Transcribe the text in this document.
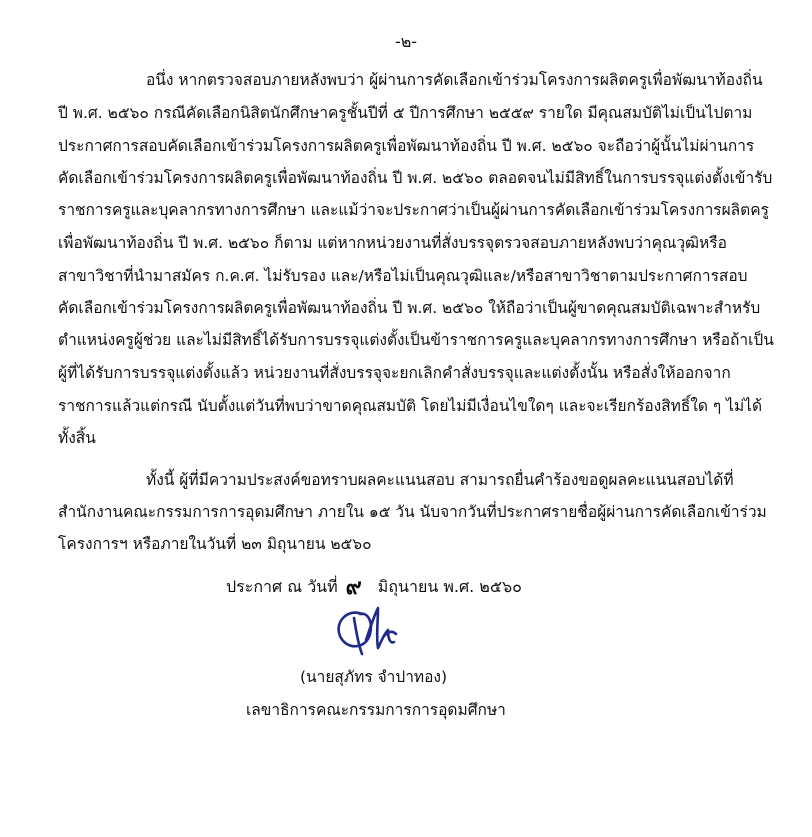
-๒-
อนึ่ง หากตรวจสอบภายหลังพบว่า ผู้ผ่านการคัดเลือกเข้าร่วมโครงการผลิตครูเพื่อพัฒนาท้องถิ่น
ปี พ.ศ. ๒๕๖๐ กรณีคัดเลือกนิสิตนักศึกษาครูชั้นปีที่ ๕ ปีการศึกษา ๒๕๕๙ รายใด มีคุณสมบัติไม่เป็นไปตาม
ประกาศการสอบคัดเลือกเข้าร่วมโครงการผลิตครูเพื่อพัฒนาท้องถิ่น ปี พ.ศ. ๒๕๖๐ จะถือว่าผู้นั้นไม่ผ่านการ
คัดเลือกเข้าร่วมโครงการผลิตครูเพื่อพัฒนาท้องถิ่น ปี พ.ศ. ๒๕๖๐ ตลอดจนไม่มีสิทธิ์ในการบรรจุแต่งตั้งเข้ารับ
ราชการครูและบุคลากรทางการศึกษา และแม้ว่าจะประกาศว่าเป็นผู้ผ่านการคัดเลือกเข้าร่วมโครงการผลิตครู
เพื่อพัฒนาท้องถิ่น ปี พ.ศ. ๒๕๖๐ ก็ตาม แต่หากหน่วยงานที่สั่งบรรจุตรวจสอบภายหลังพบว่าคุณวุฒิหรือ
สาขาวิชาที่นำมาสมัคร ก.ค.ศ. ไม่รับรอง และ/หรือไม่เป็นคุณวุฒิและ/หรือสาขาวิชาตามประกาศการสอบ
คัดเลือกเข้าร่วมโครงการผลิตครูเพื่อพัฒนาท้องถิ่น ปี พ.ศ. ๒๕๖๐ ให้ถือว่าเป็นผู้ขาดคุณสมบัติเฉพาะสำหรับ
ตำแหน่งครูผู้ช่วย และไม่มีสิทธิ์ได้รับการบรรจุแต่งตั้งเป็นข้าราชการครูและบุคลากรทางการศึกษา หรือถ้าเป็น
ผู้ที่ได้รับการบรรจุแต่งตั้งแล้ว หน่วยงานที่สั่งบรรจุจะยกเลิกคำสั่งบรรจุและแต่งตั้งนั้น หรือสั่งให้ออกจาก
ราชการแล้วแต่กรณี นับตั้งแต่วันที่พบว่าขาดคุณสมบัติ โดยไม่มีเงื่อนไขใดๆ และจะเรียกร้องสิทธิ์ใด ๆ ไม่ได้
ทั้งสิ้น
ทั้งนี้ ผู้ที่มีความประสงค์ขอทราบผลคะแนนสอบ สามารถยื่นคำร้องขอดูผลคะแนนสอบได้ที่
สำนักงานคณะกรรมการการอุดมศึกษา ภายใน ๑๕ วัน นับจากวันที่ประกาศรายชื่อผู้ผ่านการคัดเลือกเข้าร่วม
โครงการฯ หรือภายในวันที่ ๒๓ มิถุนายน ๒๕๖๐
ประกาศ ณ วันที่ ๙ มิถุนายน พ.ศ. ๒๕๖๐
(นายสุภัทร จำปาทอง)
เลขาธิการคณะกรรมการการอุดมศึกษา
